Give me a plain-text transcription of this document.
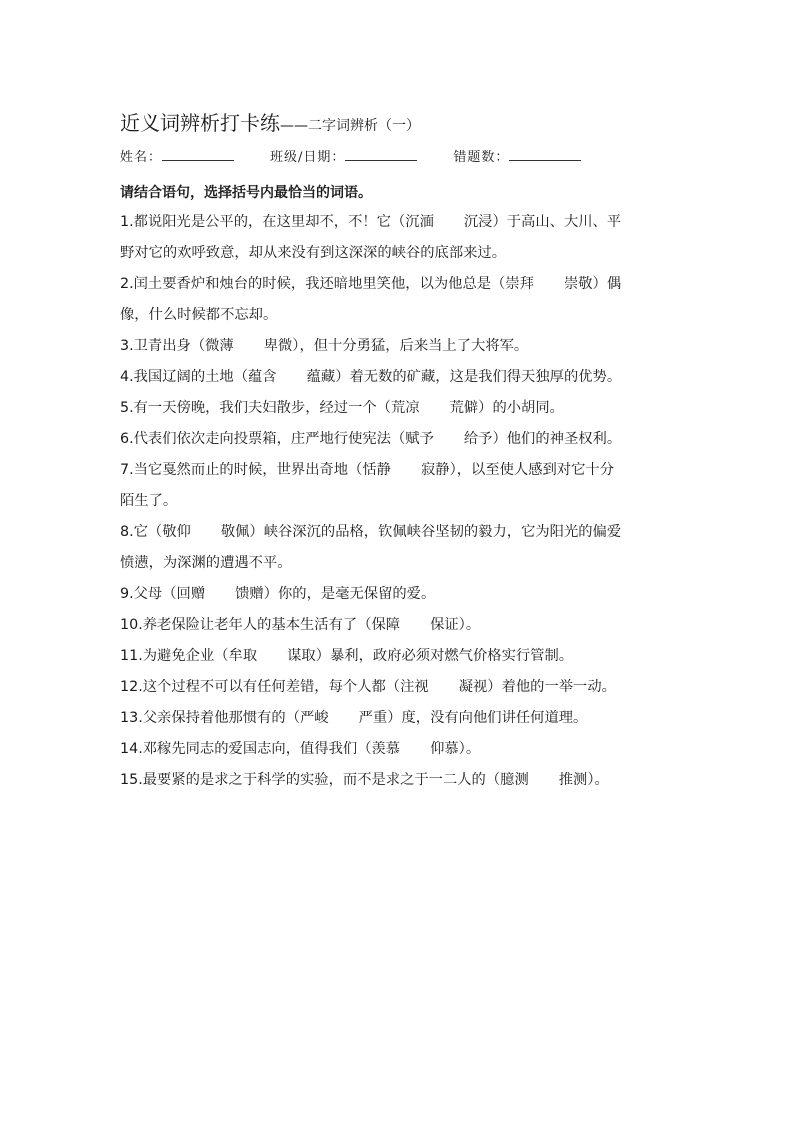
近义词辨析打卡练——二字词辨析（一）
姓名：	班级/日期：	错题数：
请结合语句，选择括号内最恰当的词语。

1.都说阳光是公平的，在这里却不，不！它（沉湎 沉浸）于高山、大川、平

野对它的欢呼致意，却从来没有到这深深的峡谷的底部来过。

2.闰土要香炉和烛台的时候，我还暗地里笑他，以为他总是（崇拜 崇敬）偶

像，什么时候都不忘却。

3.卫青出身（微薄 卑微），但十分勇猛，后来当上了大将军。

4.我国辽阔的土地（蕴含 蕴藏）着无数的矿藏，这是我们得天独厚的优势。

5.有一天傍晚，我们夫妇散步，经过一个（荒凉 荒僻）的小胡同。

6.代表们依次走向投票箱，庄严地行使宪法（赋予 给予）他们的神圣权利。

7.当它戛然而止的时候，世界出奇地（恬静 寂静），以至使人感到对它十分

陌生了。

8.它（敬仰 敬佩）峡谷深沉的品格，钦佩峡谷坚韧的毅力，它为阳光的偏爱

愤懑，为深渊的遭遇不平。

9.父母（回赠 馈赠）你的，是毫无保留的爱。

10.养老保险让老年人的基本生活有了（保障 保证）。

11.为避免企业（牟取 谋取）暴利，政府必须对燃气价格实行管制。

12.这个过程不可以有任何差错，每个人都（注视 凝视）着他的一举一动。

13.父亲保持着他那惯有的（严峻 严重）度，没有向他们讲任何道理。

14.邓稼先同志的爱国志向，值得我们（羡慕 仰慕）。

15.最要紧的是求之于科学的实验，而不是求之于一二人的（臆测 推测）。
